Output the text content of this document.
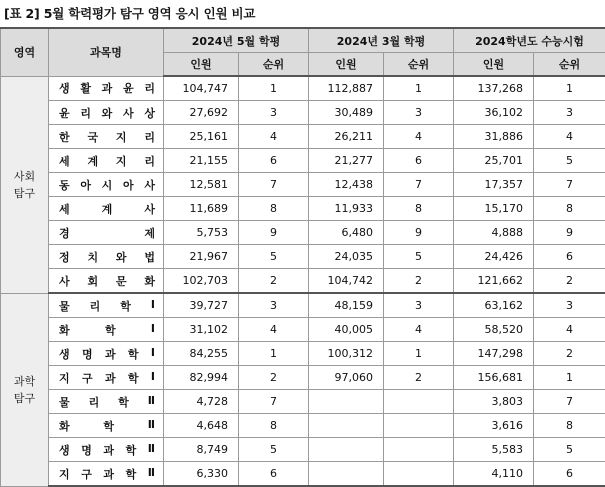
[표 2] 5월 학력평가 탐구 영역 응시 인원 비교
영역	과목명	2024년 5월 학평		2024년 3월 학평		2024학년도 수능시험	
		인원	순위	인원	순위	인원	순위
사회
탐구	생 활 과 윤 리	104,747	1	112,887	1	137,268	1

	윤 리 와 사 상	27,692	3	30,489	3	36,102	3

	한 국 지 리	25,161	4	26,211	4	31,886	4

	세 계 지 리	21,155	6	21,277	6	25,701	5

	동 아 시 아 사	12,581	7	12,438	7	17,357	7

	세 계 사	11,689	8	11,933	8	15,170	8

	경 제	5,753	9	6,480	9	4,888	9

	정 치 와 법	21,967	5	24,035	5	24,426	6

	사 회 문 화	102,703	2	104,742	2	121,662	2
과학
탐구	물 리 학 Ⅰ	39,727	3	48,159	3	63,162	3

	화 학 Ⅰ	31,102	4	40,005	4	58,520	4

	생 명 과 학 Ⅰ	84,255	1	100,312	1	147,298	2

	지 구 과 학 Ⅰ	82,994	2	97,060	2	156,681	1

	물 리 학 Ⅱ	4,728	7			3,803	7

	화 학 Ⅱ	4,648	8			3,616	8

	생 명 과 학 Ⅱ	8,749	5			5,583	5

	지 구 과 학 Ⅱ	6,330	6			4,110	6
